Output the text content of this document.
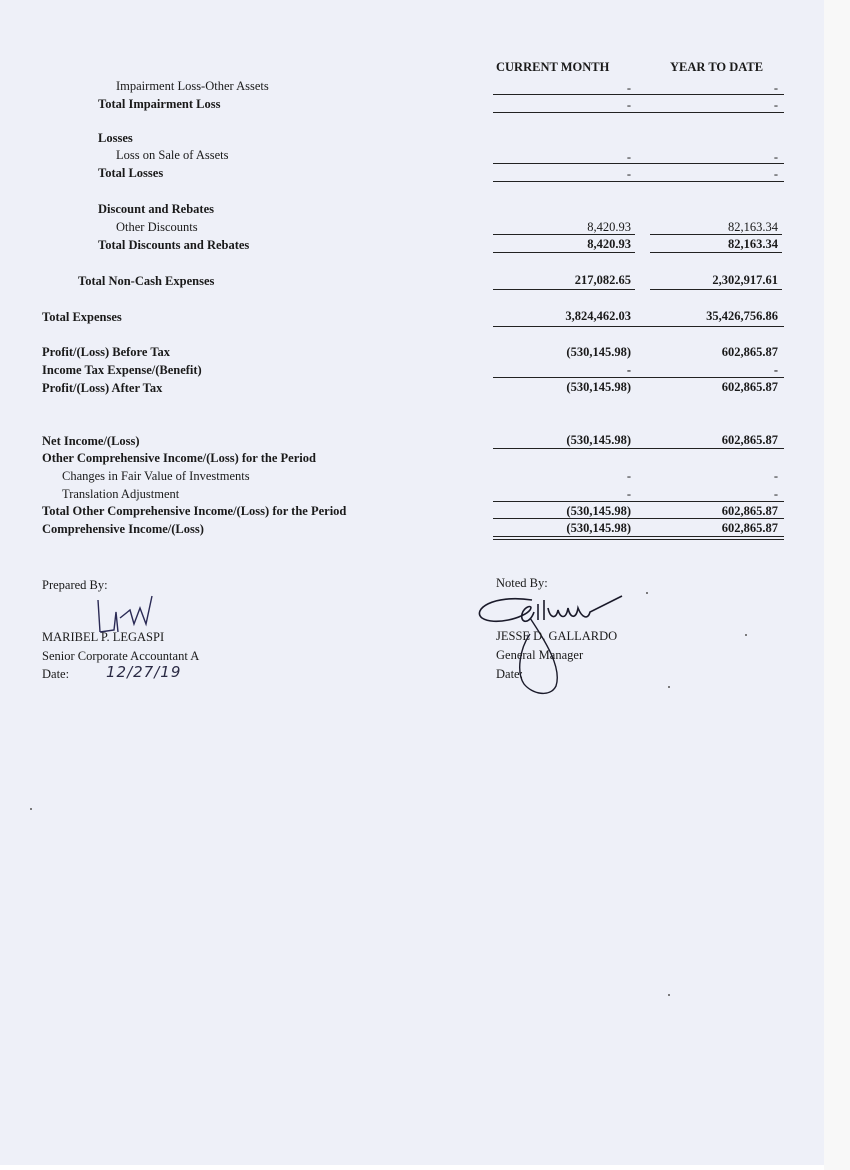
CURRENT MONTH	YEAR TO DATE
Impairment Loss-Other Assets	-	-
Total Impairment Loss	-	-
Losses
Loss on Sale of Assets	-	-
Total Losses	-	-
Discount and Rebates
Other Discounts	8,420.93	82,163.34
Total Discounts and Rebates	8,420.93	82,163.34
Total Non-Cash Expenses	217,082.65	2,302,917.61
Total Expenses	3,824,462.03	35,426,756.86
Profit/(Loss) Before Tax	(530,145.98)	602,865.87
Income Tax Expense/(Benefit)	-	-
Profit/(Loss) After Tax	(530,145.98)	602,865.87
Net Income/(Loss)	(530,145.98)	602,865.87
Other Comprehensive Income/(Loss) for the Period
Changes in Fair Value of Investments	-	-
Translation Adjustment	-	-
Total Other Comprehensive Income/(Loss) for the Period	(530,145.98)	602,865.87
Comprehensive Income/(Loss)	(530,145.98)	602,865.87
Prepared By:
MARIBEL P. LEGASPI
Senior Corporate Accountant A
Date: 12/27/19
Noted By:
JESSE D. GALLARDO
General Manager
Date:
